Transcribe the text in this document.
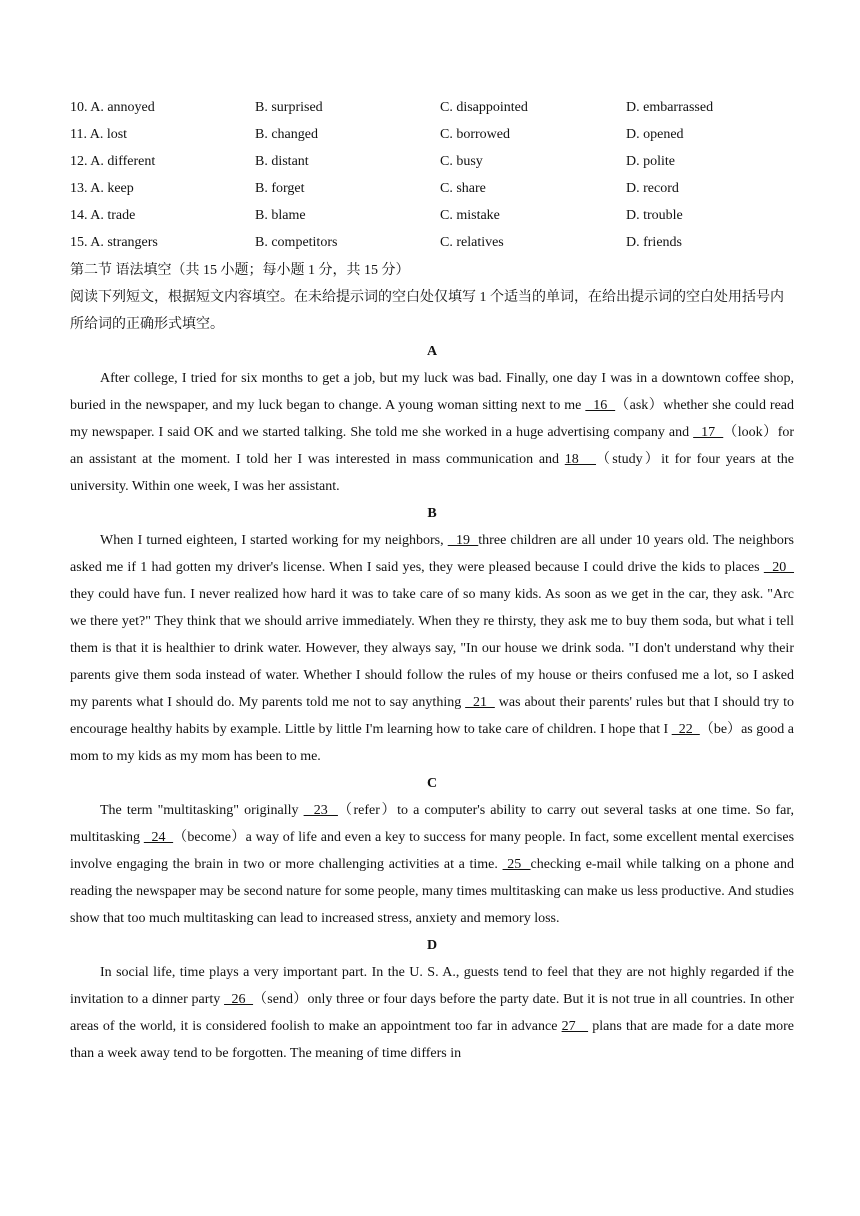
10. A. annoyed	B. surprised	C. disappointed	D. embarrassed
11. A. lost	B. changed	C. borrowed	D. opened
12. A. different	B. distant	C. busy	D. polite
13. A. keep	B. forget	C. share	D. record
14. A. trade	B. blame	C. mistake	D. trouble
15. A. strangers	B. competitors	C. relatives	D. friends
第二节 语法填空（共 15 小题；每小题 1 分，共 15 分）
阅读下列短文，根据短文内容填空。在未给提示词的空白处仅填写 1 个适当的单词，在给出提示词的空白处用括号内所给词的正确形式填空。
A

After college, I tried for six months to get a job, but my luck was bad. Finally, one day I was in a downtown coffee shop, buried in the newspaper, and my luck began to change. A young woman sitting next to me   16  （ask）whether she could read my newspaper. I said OK and we started talking. She told me she worked in a huge advertising company and   17  （look）for an assistant at the moment. I told her I was interested in mass communication and 18   （study）it for four years at the university. Within one week, I was her assistant.

B

When I turned eighteen, I started working for my neighbors,   19  three children are all under 10 years old. The neighbors asked me if 1 had gotten my driver's license. When I said yes, they were pleased because I could drive the kids to places   20   they could have fun. I never realized how hard it was to take care of so many kids. As soon as we get in the car, they ask. "Arc we there yet?" They think that we should arrive immediately. When they re thirsty, they ask me to buy them soda, but what i tell them is that it is healthier to drink water. However, they always say, "In our house we drink soda. "I don't understand why their parents give them soda instead of water. Whether I should follow the rules of my house or theirs confused me a lot, so I asked my parents what I should do. My parents told me not to say anything   21   was about their parents' rules but that I should try to encourage healthy habits by example. Little by little I'm learning how to take care of children. I hope that I   22  （be）as good a mom to my kids as my mom has been to me.

C

The term "multitasking" originally   23  （refer）to a computer's ability to carry out several tasks at one time. So far, multitasking   24  （become）a way of life and even a key to success for many people. In fact, some excellent mental exercises involve engaging the brain in two or more challenging activities at a time.  25  checking e-mail while talking on a phone and reading the newspaper may be second nature for some people, many times multitasking can make us less productive. And studies show that too much multitasking can lead to increased stress, anxiety and memory loss.

D

In social life, time plays a very important part. In the U. S. A., guests tend to feel that they are not highly regarded if the invitation to a dinner party   26  （send）only three or four days before the party date. But it is not true in all countries. In other areas of the world, it is considered foolish to make an appointment too far in advance 27    plans that are made for a date more than a week away tend to be forgotten. The meaning of time differs in
